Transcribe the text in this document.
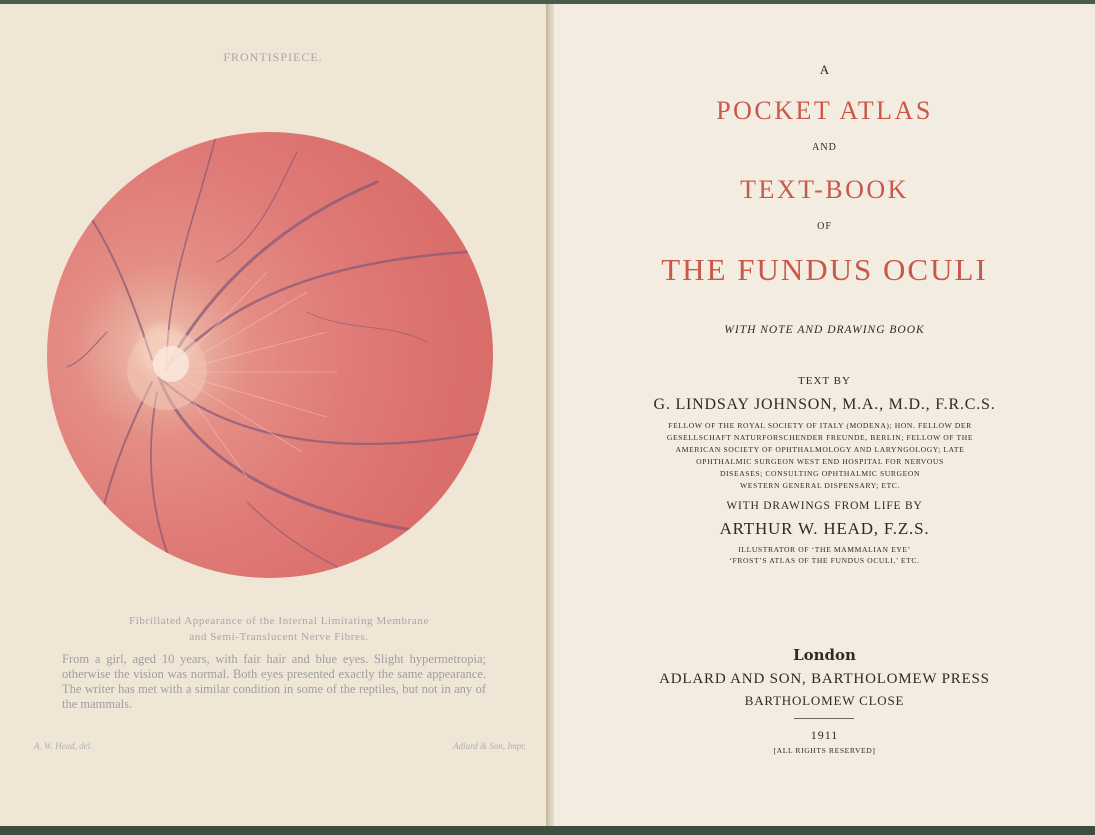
FRONTISPIECE.
Fibrillated Appearance of the Internal Limitating Membrane
and Semi-Translucent Nerve Fibres.
From a girl, aged 10 years, with fair hair and blue eyes. Slight hypermetropia; otherwise the vision was normal. Both eyes presented exactly the same appearance. The writer has met with a similar condition in some of the reptiles, but not in any of the mammals.
A. W. Head, del.	Adlard & Son, Impr.
A
POCKET ATLAS
AND
TEXT-BOOK
OF
THE FUNDUS OCULI
WITH NOTE AND DRAWING BOOK
TEXT BY
G. LINDSAY JOHNSON, M.A., M.D., F.R.C.S.
FELLOW OF THE ROYAL SOCIETY OF ITALY (MODENA); HON. FELLOW DER
GESELLSCHAFT NATURFORSCHENDER FREUNDE, BERLIN; FELLOW OF THE
AMERICAN SOCIETY OF OPHTHALMOLOGY AND LARYNGOLOGY; LATE
OPHTHALMIC SURGEON WEST END HOSPITAL FOR NERVOUS
DISEASES; CONSULTING OPHTHALMIC SURGEON
WESTERN GENERAL DISPENSARY; ETC.
WITH DRAWINGS FROM LIFE BY
ARTHUR W. HEAD, F.Z.S.
ILLUSTRATOR OF ‘THE MAMMALIAN EYE’
‘FROST’S ATLAS OF THE FUNDUS OCULI,’ ETC.
London
ADLARD AND SON, BARTHOLOMEW PRESS
BARTHOLOMEW CLOSE
1911
[ALL RIGHTS RESERVED]
